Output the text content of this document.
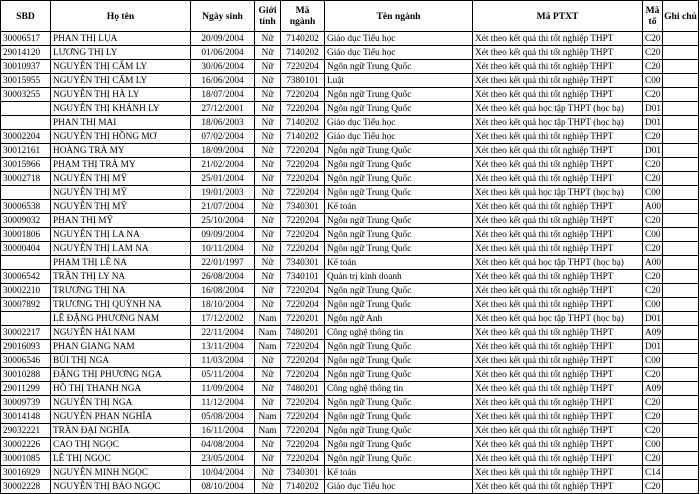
SBD	Họ tên	Ngày sinh	Giới tính	Mã ngành	Tên ngành	Mã PTXT	Mã tổ	Ghi chú
30006517	PHAN THỊ LỤA	20/09/2004	Nữ	7140202	Giáo dục Tiểu học	Xét theo kết quả thi tốt nghiệp THPT	C20	
29014120	LƯƠNG THỊ LY	01/06/2004	Nữ	7140202	Giáo dục Tiểu học	Xét theo kết quả thi tốt nghiệp THPT	C20	
30010937	NGUYỄN THỊ CẨM LY	30/06/2004	Nữ	7220204	Ngôn ngữ Trung Quốc	Xét theo kết quả thi tốt nghiệp THPT	C20	
30015955	NGUYỄN THỊ CẨM LY	16/06/2004	Nữ	7380101	Luật	Xét theo kết quả thi tốt nghiệp THPT	C00	
30003255	NGUYỄN THỊ HÀ LY	18/07/2004	Nữ	7220204	Ngôn ngữ Trung Quốc	Xét theo kết quả thi tốt nghiệp THPT	C20	
	NGUYỄN THỊ KHÁNH LY	27/12/2001	Nữ	7220204	Ngôn ngữ Trung Quốc	Xét theo kết quả học tập THPT (học bạ)	D01	
	PHAN THỊ MAI	18/06/2003	Nữ	7140202	Giáo dục Tiểu học	Xét theo kết quả học tập THPT (học bạ)	D01	
30002204	NGUYỄN THỊ HỒNG MƠ	07/02/2004	Nữ	7140202	Giáo dục Tiểu học	Xét theo kết quả thi tốt nghiệp THPT	C20	
30012161	HOÀNG TRÀ MY	18/09/2004	Nữ	7220204	Ngôn ngữ Trung Quốc	Xét theo kết quả thi tốt nghiệp THPT	D01	
30015966	PHẠM THỊ TRÀ MY	21/02/2004	Nữ	7220204	Ngôn ngữ Trung Quốc	Xét theo kết quả thi tốt nghiệp THPT	C20	
30002718	NGUYỄN THỊ MỸ	25/01/2004	Nữ	7220204	Ngôn ngữ Trung Quốc	Xét theo kết quả thi tốt nghiệp THPT	C20	
	NGUYỄN THỊ MỸ	19/01/2003	Nữ	7220204	Ngôn ngữ Trung Quốc	Xét theo kết quả học tập THPT (học bạ)	C00	
30006538	NGUYỄN THỊ MỸ	21/07/2004	Nữ	7340301	Kế toán	Xét theo kết quả thi tốt nghiệp THPT	A00	
30009032	PHAN THỊ MỸ	25/10/2004	Nữ	7220204	Ngôn ngữ Trung Quốc	Xét theo kết quả thi tốt nghiệp THPT	C20	
30001806	NGUYỄN THỊ LA NA	09/09/2004	Nữ	7220204	Ngôn ngữ Trung Quốc	Xét theo kết quả thi tốt nghiệp THPT	C00	
30000404	NGUYỄN THỊ LAM NA	10/11/2004	Nữ	7220204	Ngôn ngữ Trung Quốc	Xét theo kết quả thi tốt nghiệp THPT	C20	
	PHẠM THỊ LÊ NA	22/01/1997	Nữ	7340301	Kế toán	Xét theo kết quả học tập THPT (học bạ)	A00	
30006542	TRẦN THỊ LY NA	26/08/2004	Nữ	7340101	Quản trị kinh doanh	Xét theo kết quả thi tốt nghiệp THPT	C20	
30002210	TRƯƠNG THỊ NA	16/08/2004	Nữ	7220204	Ngôn ngữ Trung Quốc	Xét theo kết quả thi tốt nghiệp THPT	C20	
30007892	TRƯƠNG THỊ QUỲNH NA	18/10/2004	Nữ	7220204	Ngôn ngữ Trung Quốc	Xét theo kết quả thi tốt nghiệp THPT	C00	
	LÊ ĐẶNG PHƯƠNG NAM	17/12/2002	Nam	7220201	Ngôn ngữ Anh	Xét theo kết quả học tập THPT (học bạ)	D01	
30002217	NGUYỄN HẢI NAM	22/11/2004	Nam	7480201	Công nghệ thông tin	Xét theo kết quả thi tốt nghiệp THPT	A09	
29016093	PHAN GIANG NAM	13/11/2004	Nam	7220204	Ngôn ngữ Trung Quốc	Xét theo kết quả thi tốt nghiệp THPT	D01	
30006546	BÙI THỊ NGA	11/03/2004	Nữ	7220204	Ngôn ngữ Trung Quốc	Xét theo kết quả thi tốt nghiệp THPT	C00	
30010288	ĐẶNG THỊ PHƯƠNG NGA	05/11/2004	Nữ	7220204	Ngôn ngữ Trung Quốc	Xét theo kết quả thi tốt nghiệp THPT	C20	
29011299	HỒ THỊ THANH NGA	11/09/2004	Nữ	7480201	Công nghệ thông tin	Xét theo kết quả thi tốt nghiệp THPT	A09	
30009739	NGUYỄN THỊ NGA	11/12/2004	Nữ	7220204	Ngôn ngữ Trung Quốc	Xét theo kết quả thi tốt nghiệp THPT	C20	
30014148	NGUYỄN PHAN NGHĨA	05/08/2004	Nam	7220204	Ngôn ngữ Trung Quốc	Xét theo kết quả thi tốt nghiệp THPT	C20	
29032221	TRẦN ĐẠI NGHĨA	16/11/2004	Nam	7220204	Ngôn ngữ Trung Quốc	Xét theo kết quả thi tốt nghiệp THPT	C20	
30002226	CAO THỊ NGỌC	04/08/2004	Nữ	7220204	Ngôn ngữ Trung Quốc	Xét theo kết quả thi tốt nghiệp THPT	C00	
30001085	LÊ THỊ NGỌC	23/05/2004	Nữ	7220204	Ngôn ngữ Trung Quốc	Xét theo kết quả thi tốt nghiệp THPT	C20	
30016929	NGUYỄN MINH NGỌC	10/04/2004	Nữ	7340301	Kế toán	Xét theo kết quả thi tốt nghiệp THPT	C14	
30002228	NGUYỄN THỊ BẢO NGỌC	08/10/2004	Nữ	7140202	Giáo dục Tiểu học	Xét theo kết quả thi tốt nghiệp THPT	C20	
